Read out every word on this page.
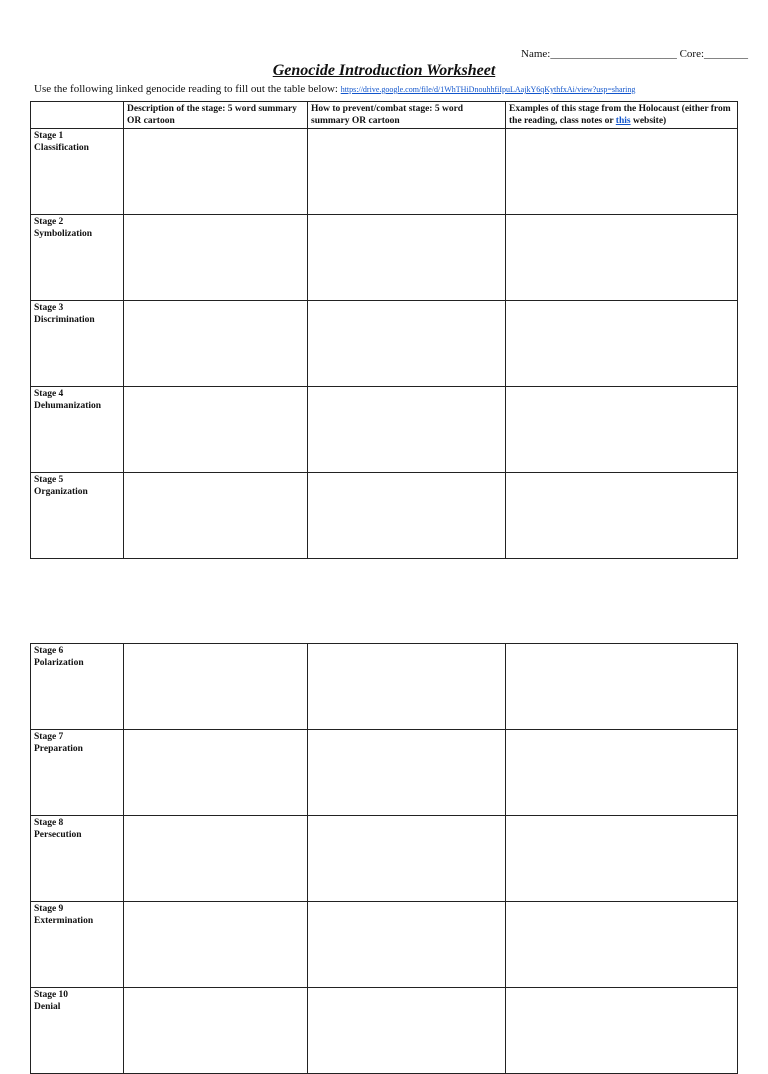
Name:_______________________ Core:________
Genocide Introduction Worksheet
Use the following linked genocide reading to fill out the table below: https://drive.google.com/file/d/1WhTHiDnouhhfiIpuLAajkY6qKythfxAi/view?usp=sharing
	Description of the stage: 5 word summary OR cartoon	How to prevent/combat stage: 5 word summary OR cartoon	Examples of this stage from the Holocaust (either from the reading, class notes or this website)

Stage 1
Classification			

Stage 2
Symbolization			

Stage 3
Discrimination			

Stage 4
Dehumanization			

Stage 5
Organization			

Stage 6
Polarization			

Stage 7
Preparation			

Stage 8
Persecution			

Stage 9
Extermination			

Stage 10
Denial			
